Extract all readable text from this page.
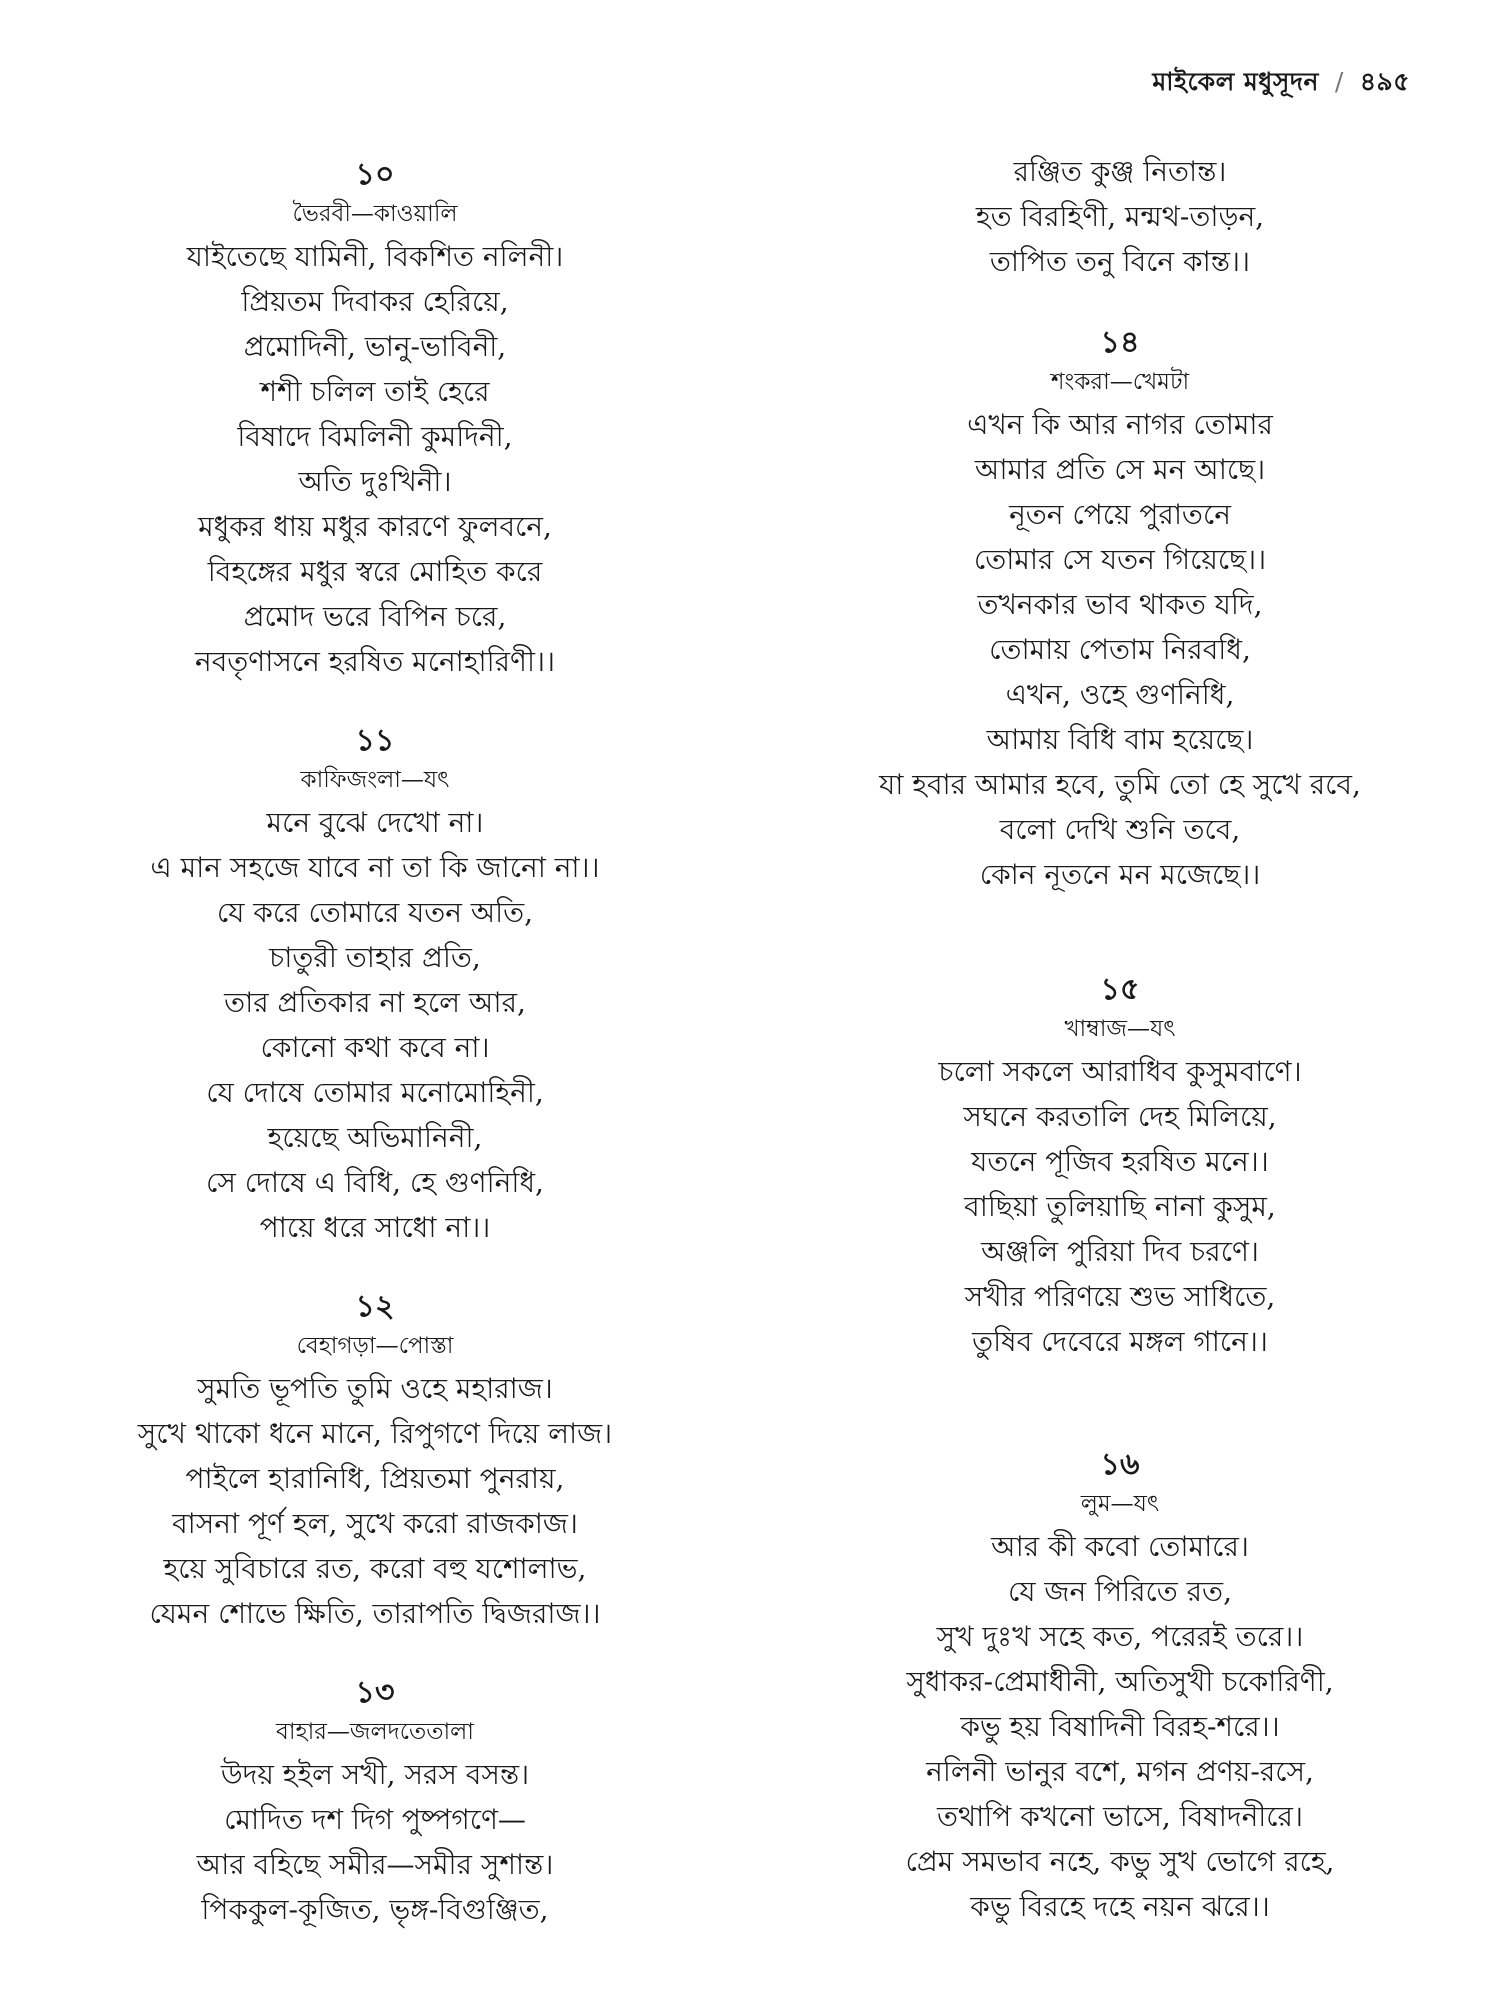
মাইকেল মধুসূদন / ৪৯৫
১০
ভৈরবী—কাওয়ালি
যাইতেছে যামিনী, বিকশিত নলিনী।
প্রিয়তম দিবাকর হেরিয়ে,
প্রমোদিনী, ভানু-ভাবিনী,
শশী চলিল তাই হেরে
বিষাদে বিমলিনী কুমদিনী,
অতি দুঃখিনী।
মধুকর ধায় মধুর কারণে ফুলবনে,
বিহঙ্গের মধুর স্বরে মোহিত করে
প্রমোদ ভরে বিপিন চরে,
নবতৃণাসনে হরষিত মনোহারিণী।।
১১
কাফিজংলা—যৎ
মনে বুঝে দেখো না।
এ মান সহজে যাবে না তা কি জানো না।।
যে করে তোমারে যতন অতি,
চাতুরী তাহার প্রতি,
তার প্রতিকার না হলে আর,
কোনো কথা কবে না।
যে দোষে তোমার মনোমোহিনী,
হয়েছে অভিমানিনী,
সে দোষে এ বিধি, হে গুণনিধি,
পায়ে ধরে সাধো না।।
১২
বেহাগড়া—পোস্তা
সুমতি ভূপতি তুমি ওহে মহারাজ।
সুখে থাকো ধনে মানে, রিপুগণে দিয়ে লাজ।
পাইলে হারানিধি, প্রিয়তমা পুনরায়,
বাসনা পূর্ণ হল, সুখে করো রাজকাজ।
হয়ে সুবিচারে রত, করো বহু যশোলাভ,
যেমন শোভে ক্ষিতি, তারাপতি দ্বিজরাজ।।
১৩
বাহার—জলদতেতালা
উদয় হইল সখী, সরস বসন্ত।
মোদিত দশ দিগ পুষ্পগণে—
আর বহিছে সমীর—সমীর সুশান্ত।
পিককুল-কূজিত, ভৃঙ্গ-বিগুঞ্জিত,
রঞ্জিত কুঞ্জ নিতান্ত।
হত বিরহিণী, মন্মথ-তাড়ন,
তাপিত তনু বিনে কান্ত।।
১৪
শংকরা—খেমটা
এখন কি আর নাগর তোমার
আমার প্রতি সে মন আছে।
নূতন পেয়ে পুরাতনে
তোমার সে যতন গিয়েছে।।
তখনকার ভাব থাকত যদি,
তোমায় পেতাম নিরবধি,
এখন, ওহে গুণনিধি,
আমায় বিধি বাম হয়েছে।
যা হবার আমার হবে, তুমি তো হে সুখে রবে,
বলো দেখি শুনি তবে,
কোন নূতনে মন মজেছে।।
১৫
খাম্বাজ—যৎ
চলো সকলে আরাধিব কুসুমবাণে।
সঘনে করতালি দেহ মিলিয়ে,
যতনে পূজিব হরষিত মনে।।
বাছিয়া তুলিয়াছি নানা কুসুম,
অঞ্জলি পুরিয়া দিব চরণে।
সখীর পরিণয়ে শুভ সাধিতে,
তুষিব দেবেরে মঙ্গল গানে।।
১৬
লুম—যৎ
আর কী কবো তোমারে।
যে জন পিরিতে রত,
সুখ দুঃখ সহে কত, পরেরই তরে।।
সুধাকর-প্রেমাধীনী, অতিসুখী চকোরিণী,
কভু হয় বিষাদিনী বিরহ-শরে।।
নলিনী ভানুর বশে, মগন প্রণয়-রসে,
তথাপি কখনো ভাসে, বিষাদনীরে।
প্রেম সমভাব নহে, কভু সুখ ভোগে রহে,
কভু বিরহে দহে নয়ন ঝরে।।
